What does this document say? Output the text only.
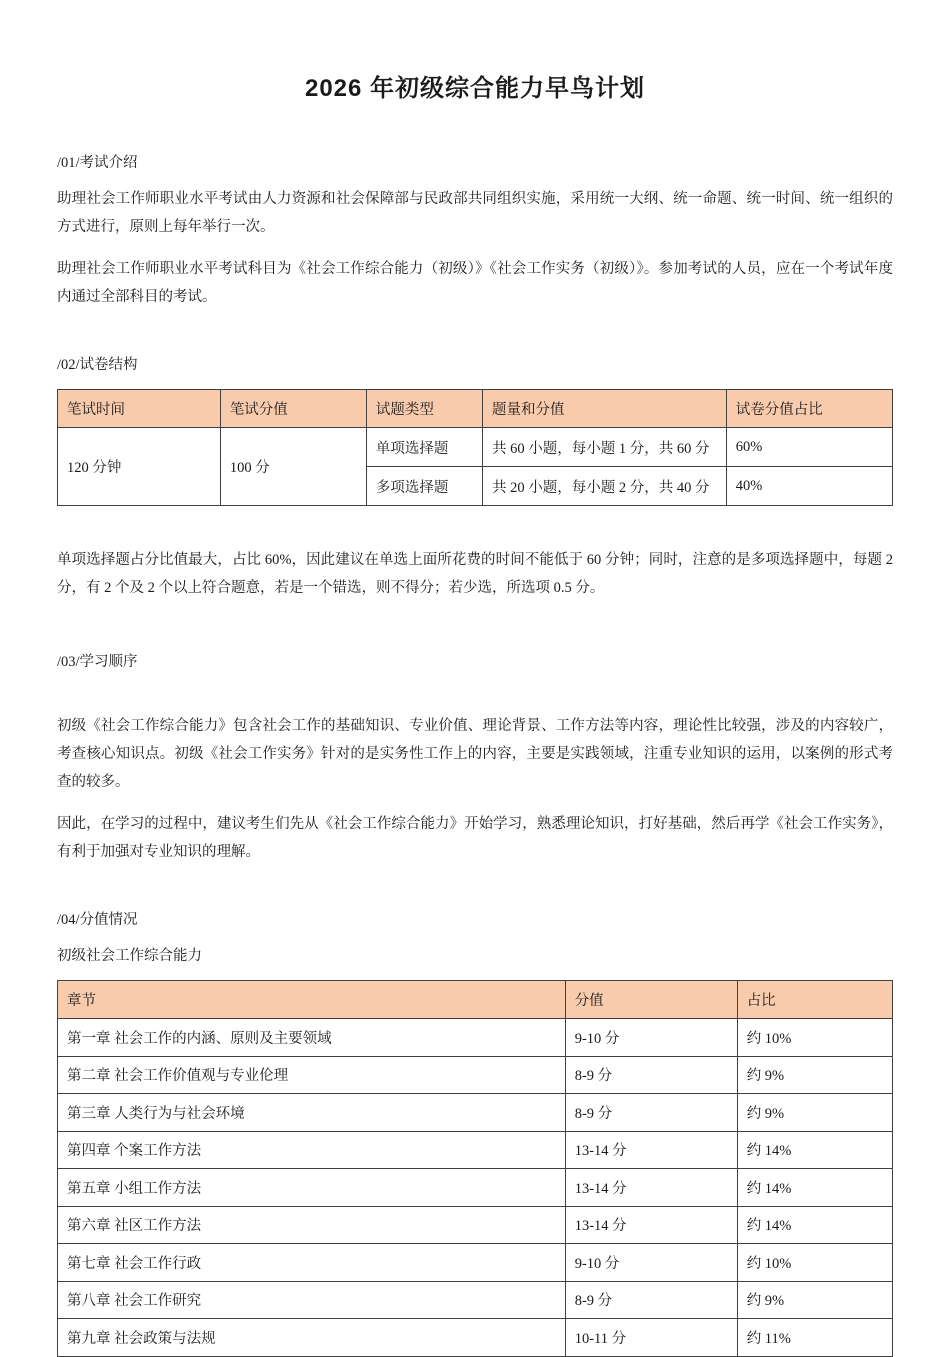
2026 年初级综合能力早鸟计划
/01/考试介绍

助理社会工作师职业水平考试由人力资源和社会保障部与民政部共同组织实施，采用统一大纲、统一命题、统一时间、统一组织的方式进行，原则上每年举行一次。

助理社会工作师职业水平考试科目为《社会工作综合能力（初级）》《社会工作实务（初级）》。参加考试的人员，应在一个考试年度内通过全部科目的考试。

/02/试卷结构
笔试时间	笔试分值	试题类型	题量和分值	试卷分值占比
120 分钟	100 分	单项选择题	共 60 小题，每小题 1 分，共 60 分	60%
		多项选择题	共 20 小题，每小题 2 分，共 40 分	40%

单项选择题占分比值最大，占比 60%，因此建议在单选上面所花费的时间不能低于 60 分钟；同时，注意的是多项选择题中，每题 2 分，有 2 个及 2 个以上符合题意，若是一个错选，则不得分；若少选，所选项 0.5 分。

/03/学习顺序

初级《社会工作综合能力》包含社会工作的基础知识、专业价值、理论背景、工作方法等内容，理论性比较强，涉及的内容较广，考查核心知识点。初级《社会工作实务》针对的是实务性工作上的内容，主要是实践领域，注重专业知识的运用，以案例的形式考查的较多。

因此，在学习的过程中，建议考生们先从《社会工作综合能力》开始学习，熟悉理论知识，打好基础，然后再学《社会工作实务》，有利于加强对专业知识的理解。

/04/分值情况

初级社会工作综合能力

章节	分值	占比
第一章 社会工作的内涵、原则及主要领域	9-10 分	约 10%
第二章 社会工作价值观与专业伦理	8-9 分	约 9%
第三章 人类行为与社会环境	8-9 分	约 9%
第四章 个案工作方法	13-14 分	约 14%
第五章 小组工作方法	13-14 分	约 14%
第六章 社区工作方法	13-14 分	约 14%
第七章 社会工作行政	9-10 分	约 10%
第八章 社会工作研究	8-9 分	约 9%
第九章 社会政策与法规	10-11 分	约 11%
